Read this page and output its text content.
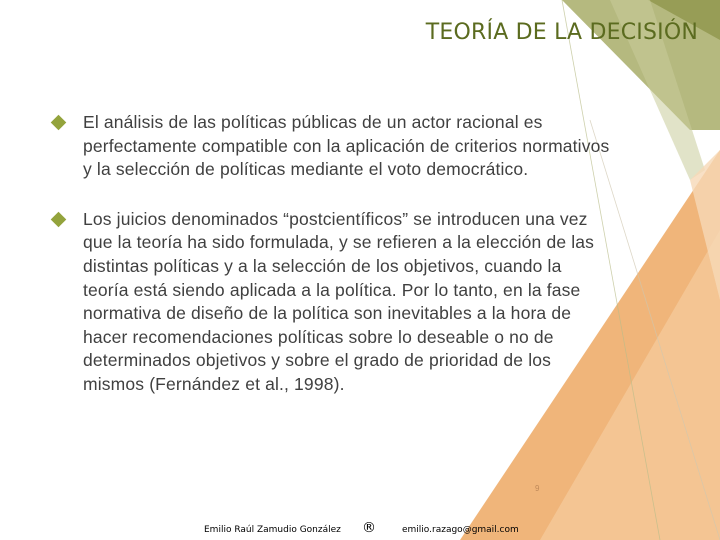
TEORÍA DE LA DECISIÓN
El análisis de las políticas públicas de un actor racional es perfectamente compatible con la aplicación de criterios normativos y la selección de políticas mediante el voto democrático.
Los juicios denominados “postcientíficos” se introducen una vez que la teoría ha sido formulada, y se refieren a la elección de las distintas políticas y a la selección de los objetivos, cuando la teoría está siendo aplicada a la política. Por lo tanto, en la fase normativa de diseño de la política son inevitables a la hora de hacer recomendaciones políticas sobre lo deseable o no de determinados objetivos y sobre el grado de prioridad de los mismos (Fernández et al., 1998).
9
Emilio Raúl Zamudio González ®	emilio.razago@gmail.com
